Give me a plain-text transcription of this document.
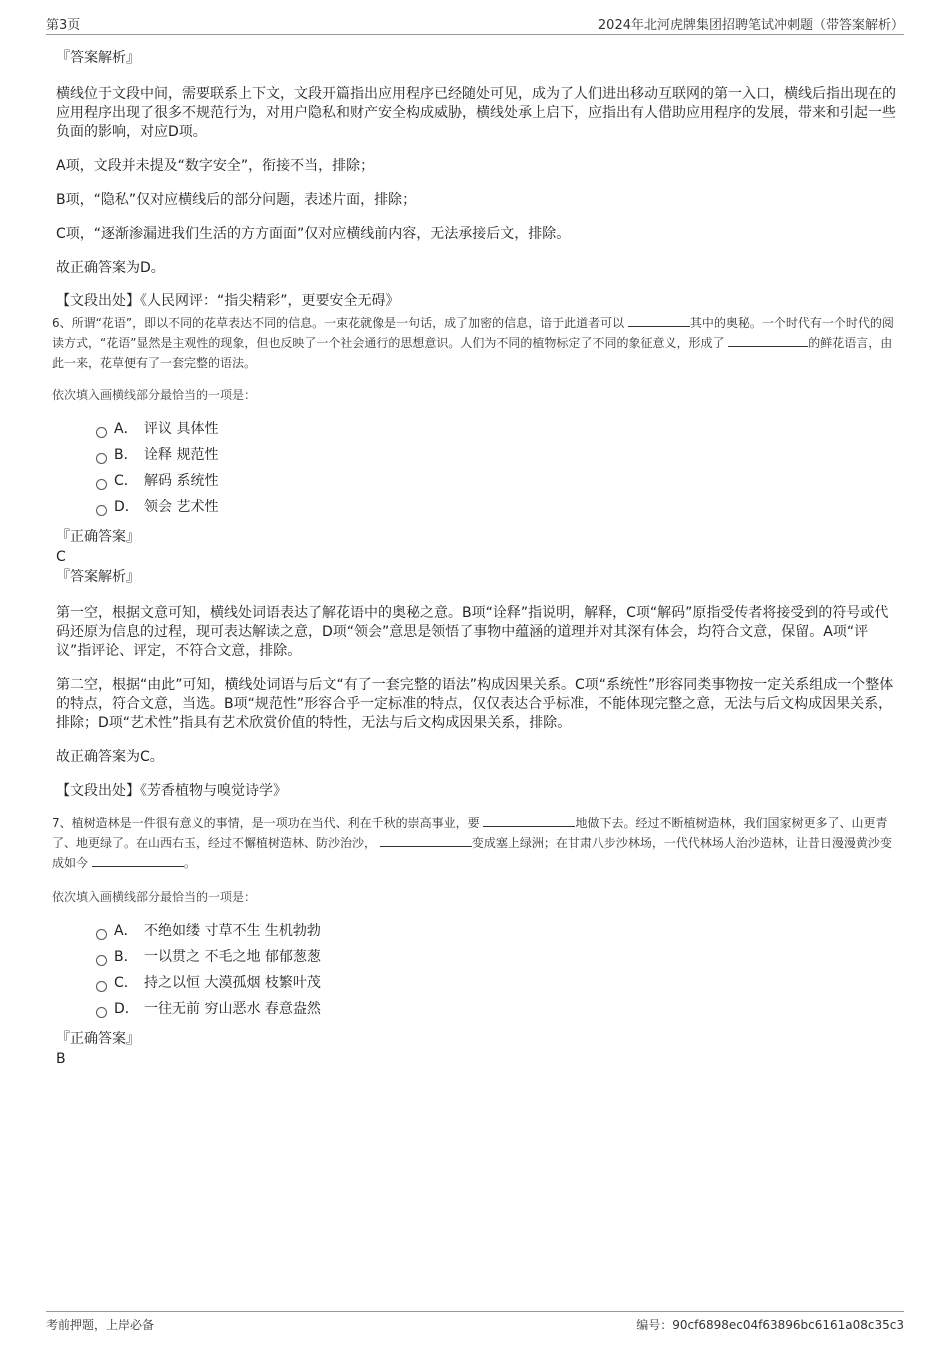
第3页	2024年北河虎牌集团招聘笔试冲刺题（带答案解析）

『答案解析』

横线位于文段中间，需要联系上下文，文段开篇指出应用程序已经随处可见，成为了人们进出移动互联网的第一入口，横线后指出现在的应用程序出现了很多不规范行为，对用户隐私和财产安全构成威胁，横线处承上启下，应指出有人借助应用程序的发展，带来和引起一些负面的影响，对应D项。

A项，文段并未提及“数字安全”，衔接不当，排除；

B项，“隐私”仅对应横线后的部分问题，表述片面，排除；

C项，“逐渐渗漏进我们生活的方方面面”仅对应横线前内容，无法承接后文，排除。

故正确答案为D。

【文段出处】《人民网评：“指尖精彩”，更要安全无碍》

6、所谓“花语”，即以不同的花草表达不同的信息。一束花就像是一句话，成了加密的信息，谙于此道者可以	其中的奥秘。一个时代有一个时代的阅读方式，“花语”显然是主观性的现象，但也反映了一个社会通行的思想意识。人们为不同的植物标定了不同的象征意义，形成了	的鲜花语言，由此一来，花草便有了一套完整的语法。

依次填入画横线部分最恰当的一项是：

A． 评议 具体性
B． 诠释 规范性
C． 解码 系统性
D． 领会 艺术性

『正确答案』

C

『答案解析』

第一空，根据文意可知，横线处词语表达了解花语中的奥秘之意。B项“诠释”指说明，解释，C项“解码”原指受传者将接受到的符号或代码还原为信息的过程，现可表达解读之意，D项“领会”意思是领悟了事物中蕴涵的道理并对其深有体会，均符合文意，保留。A项“评议”指评论、评定，不符合文意，排除。

第二空，根据“由此”可知，横线处词语与后文“有了一套完整的语法”构成因果关系。C项“系统性”形容同类事物按一定关系组成一个整体的特点，符合文意，当选。B项“规范性”形容合乎一定标准的特点，仅仅表达合乎标准，不能体现完整之意，无法与后文构成因果关系，排除；D项“艺术性”指具有艺术欣赏价值的特性，无法与后文构成因果关系，排除。

故正确答案为C。

【文段出处】《芳香植物与嗅觉诗学》

7、植树造林是一件很有意义的事情，是一项功在当代、利在千秋的崇高事业，要	地做下去。经过不断植树造林，我们国家树更多了、山更青了、地更绿了。在山西右玉，经过不懈植树造林、防沙治沙，	变成塞上绿洲；在甘肃八步沙林场，一代代林场人治沙造林，让昔日漫漫黄沙变成如今	。

依次填入画横线部分最恰当的一项是：

A． 不绝如缕 寸草不生 生机勃勃
B． 一以贯之 不毛之地 郁郁葱葱
C． 持之以恒 大漠孤烟 枝繁叶茂
D． 一往无前 穷山恶水 春意盎然

『正确答案』

B

考前押题，上岸必备	编号：90cf6898ec04f63896bc6161a08c35c3
